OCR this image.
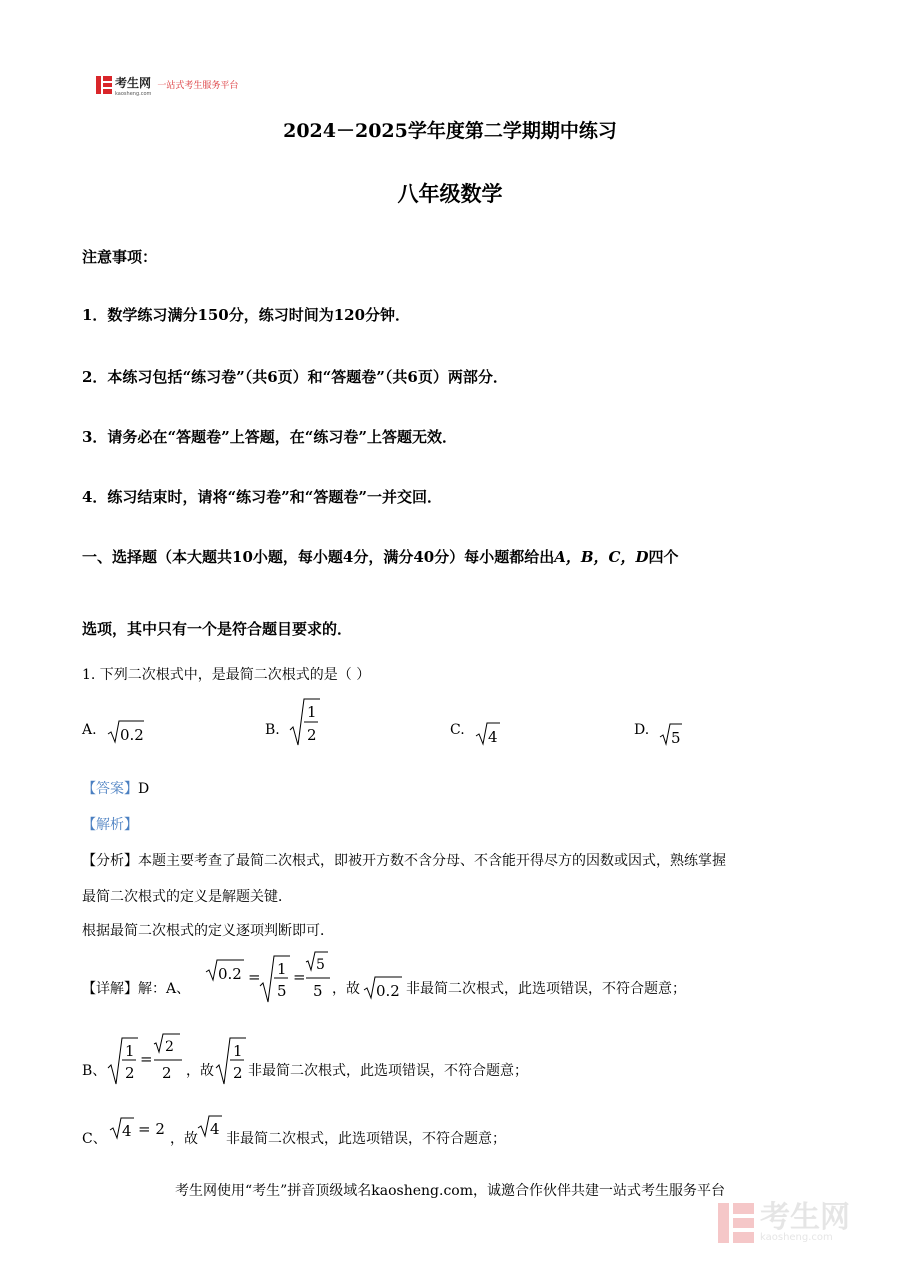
考生网
kaosheng.com
一站式考生服务平台
2024－2025学年度第二学期期中练习
八年级数学
注意事项：
1．数学练习满分150分，练习时间为120分钟．
2．本练习包括“练习卷”（共6页）和“答题卷”（共6页）两部分．
3．请务必在“答题卷”上答题，在“练习卷”上答题无效．
4．练习结束时，请将“练习卷”和“答题卷”一并交回．
一、选择题（本大题共10小题，每小题4分，满分40分）每小题都给出A，B，C，D四个
选项，其中只有一个是符合题目要求的．
1. 下列二次根式中，是最简二次根式的是（ ）
A. 0.2	B.
1
2	C. 4	D. 5
【答案】D
【解析】
【分析】本题主要考查了最简二次根式，即被开方数不含分母、不含能开得尽方的因数或因式，熟练掌握
最简二次根式的定义是解题关键．
根据最简二次根式的定义逐项判断即可．
【详解】解：A、
0.2 = 1
5
=
5
5 ，故 0.2 非最简二次根式，此选项错误，不符合题意；
B、
1
2
=
2
2 ，故
1
2 非最简二次根式，此选项错误，不符合题意；
C、 4 = 2
，故
4
非最简二次根式，此选项错误，不符合题意；
考生网使用“考生”拼音顶级域名kaosheng.com，诚邀合作伙伴共建一站式考生服务平台
考生网
kaosheng.com
